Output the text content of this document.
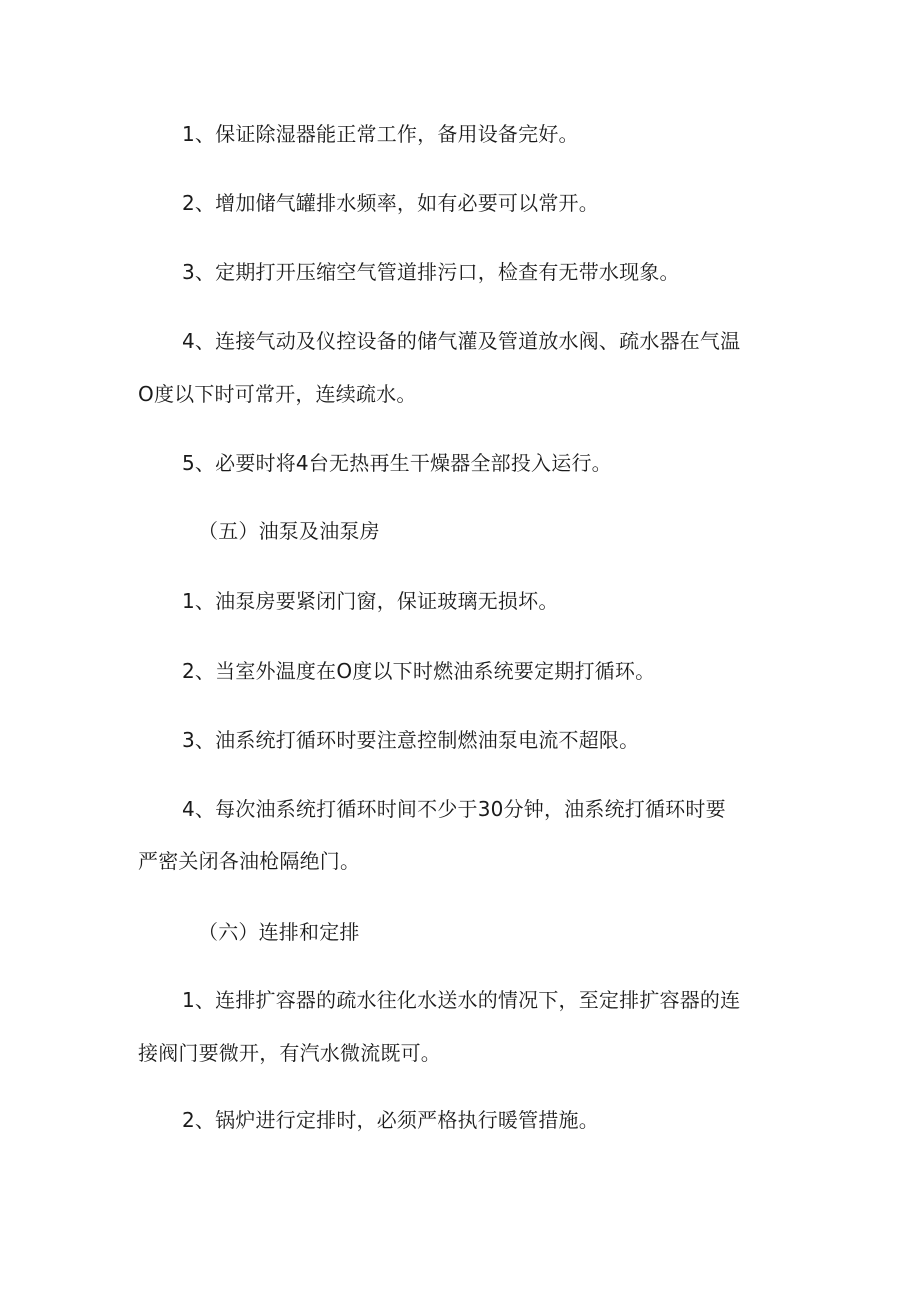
1、保证除湿器能正常工作，备用设备完好。

2、增加储气罐排水频率，如有必要可以常开。

3、定期打开压缩空气管道排污口，检查有无带水现象。

4、连接气动及仪控设备的储气灌及管道放水阀、疏水器在气温

O度以下时可常开，连续疏水。

5、必要时将4台无热再生干燥器全部投入运行。

（五）油泵及油泵房

1、油泵房要紧闭门窗，保证玻璃无损坏。

2、当室外温度在O度以下时燃油系统要定期打循环。

3、油系统打循环时要注意控制燃油泵电流不超限。

4、每次油系统打循环时间不少于30分钟，油系统打循环时要

严密关闭各油枪隔绝门。

（六）连排和定排

1、连排扩容器的疏水往化水送水的情况下，至定排扩容器的连

接阀门要微开，有汽水微流既可。

2、锅炉进行定排时，必须严格执行暖管措施。
